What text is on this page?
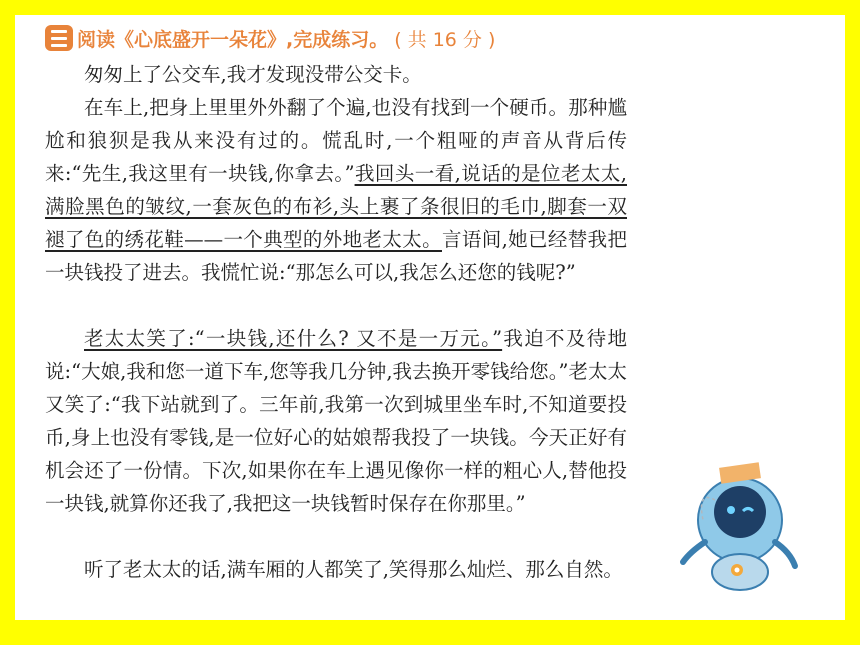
阅读《心底盛开一朵花》,完成练习。 ( 共 16 分 )
匆匆上了公交车,我才发现没带公交卡。
在车上,把身上里里外外翻了个遍,也没有找到一个硬币。那种尴尬和狼狈是我从来没有过的。慌乱时,一个粗哑的声音从背后传来:“先生,我这里有一块钱,你拿去。”我回头一看,说话的是位老太太,满脸黑色的皱纹,一套灰色的布衫,头上裹了条很旧的毛巾,脚套一双褪了色的绣花鞋——一个典型的外地老太太。言语间,她已经替我把一块钱投了进去。我慌忙说:“那怎么可以,我怎么还您的钱呢?”
老太太笑了:“一块钱,还什么? 又不是一万元。”我迫不及待地说:“大娘,我和您一道下车,您等我几分钟,我去换开零钱给您。”老太太又笑了:“我下站就到了。三年前,我第一次到城里坐车时,不知道要投币,身上也没有零钱,是一位好心的姑娘帮我投了一块钱。今天正好有机会还了一份情。下次,如果你在车上遇见像你一样的粗心人,替他投一块钱,就算你还我了,我把这一块钱暂时保存在你那里。”
听了老太太的话,满车厢的人都笑了,笑得那么灿烂、那么自然。
